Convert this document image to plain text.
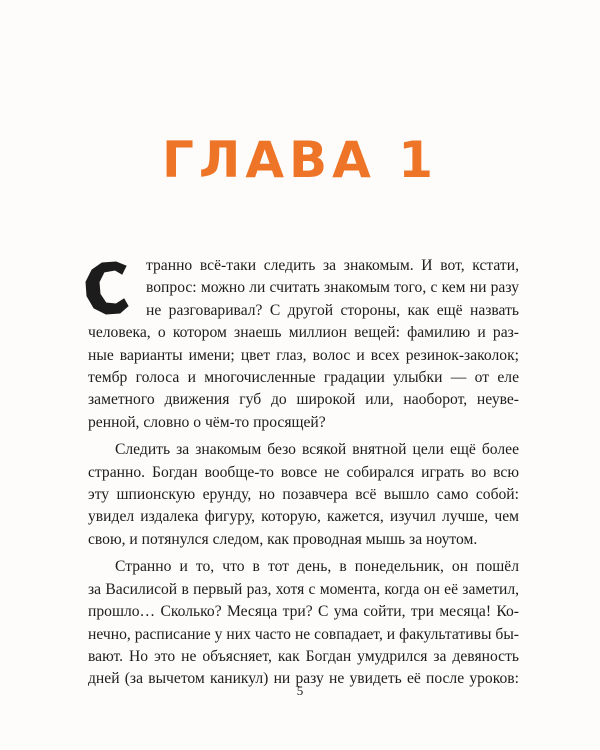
ГЛАВА 1

транно всё-таки следить за знакомым. И вот, кстати,
вопрос: можно ли считать знакомым того, с кем ни разу
не разговаривал? С другой стороны, как ещё назвать
человека, о котором знаешь миллион вещей: фамилию и раз-
ные варианты имени; цвет глаз, волос и всех резинок-заколок;
тембр голоса и многочисленные градации улыбки — от еле
заметного движения губ до широкой или, наоборот, неуве-
ренной, словно о чём-то просящей?

Следить за знакомым безо всякой внятной цели ещё более
странно. Богдан вообще-то вовсе не собирался играть во всю
эту шпионскую ерунду, но позавчера всё вышло само собой:
увидел издалека фигуру, которую, кажется, изучил лучше, чем
свою, и потянулся следом, как проводная мышь за ноутом.

Странно и то, что в тот день, в понедельник, он пошёл
за Василисой в первый раз, хотя с момента, когда он её заметил,
прошло… Сколько? Месяца три? С ума сойти, три месяца! Ко-
нечно, расписание у них часто не совпадает, и факультативы бы-
вают. Но это не объясняет, как Богдан умудрился за девяность
дней (за вычетом каникул) ни разу не увидеть её после уроков:

5
